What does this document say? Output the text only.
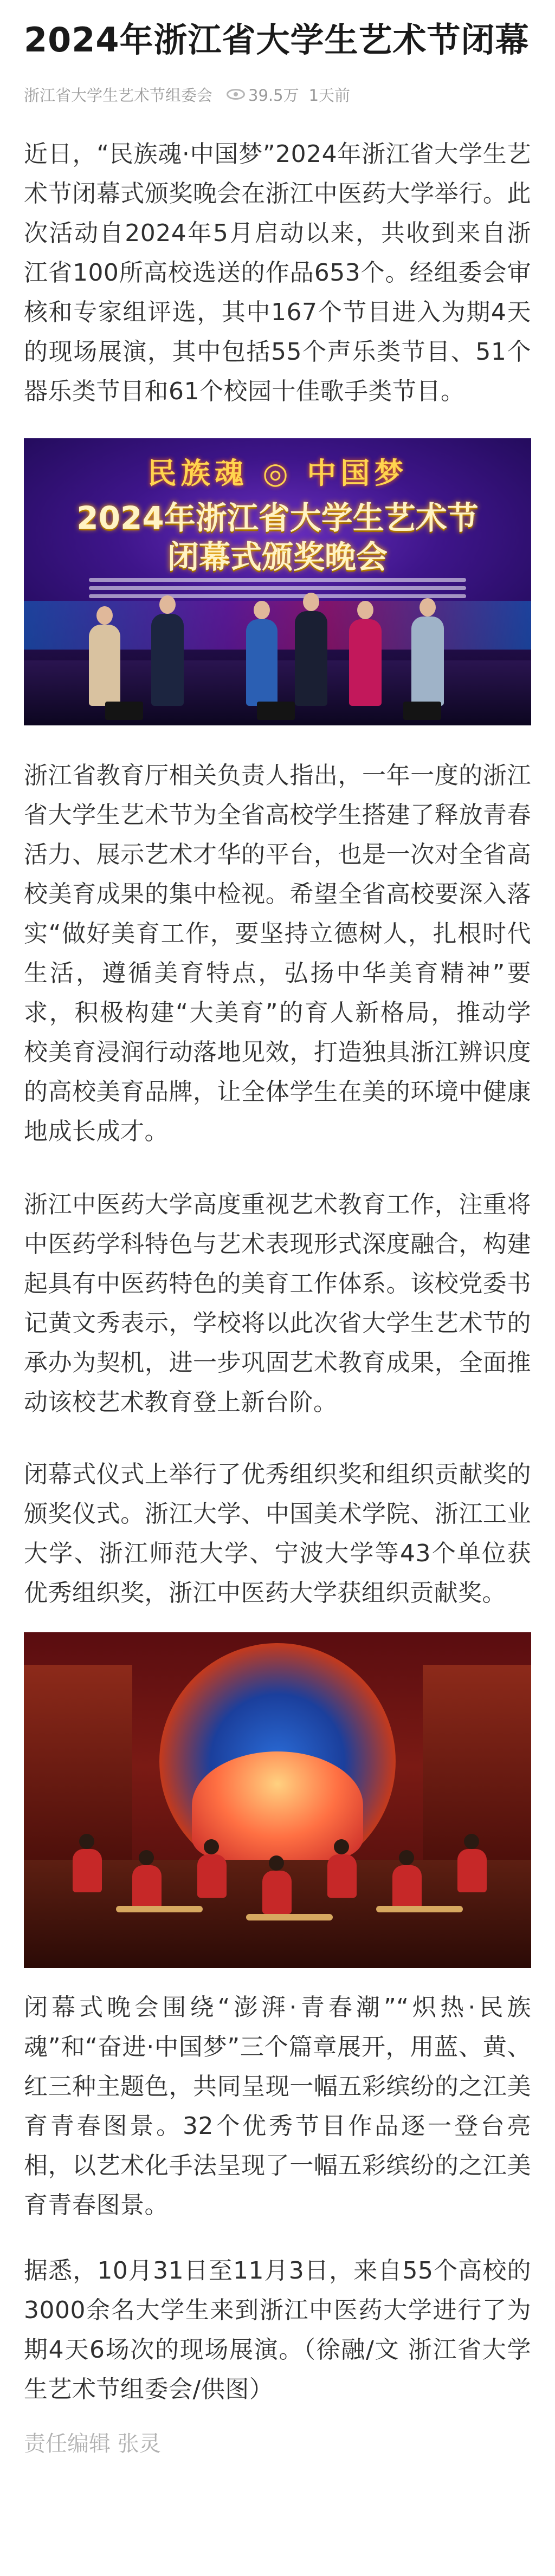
2024年浙江省大学生艺术节闭幕
浙江省大学生艺术节组委会 39.5万 1天前

近日，“民族魂·中国梦”2024年浙江省大学生艺术节闭幕式颁奖晚会在浙江中医药大学举行。此次活动自2024年5月启动以来，共收到来自浙江省100所高校选送的作品653个。经组委会审核和专家组评选，其中167个节目进入为期4天的现场展演，其中包括55个声乐类节目、51个器乐类节目和61个校园十佳歌手类节目。

民族魂 ◎ 中国梦
2024年浙江省大学生艺术节
闭幕式颁奖晚会

浙江省教育厅相关负责人指出，一年一度的浙江省大学生艺术节为全省高校学生搭建了释放青春活力、展示艺术才华的平台，也是一次对全省高校美育成果的集中检视。希望全省高校要深入落实“做好美育工作，要坚持立德树人，扎根时代生活，遵循美育特点，弘扬中华美育精神”要求，积极构建“大美育”的育人新格局，推动学校美育浸润行动落地见效，打造独具浙江辨识度的高校美育品牌，让全体学生在美的环境中健康地成长成才。

浙江中医药大学高度重视艺术教育工作，注重将中医药学科特色与艺术表现形式深度融合，构建起具有中医药特色的美育工作体系。该校党委书记黄文秀表示，学校将以此次省大学生艺术节的承办为契机，进一步巩固艺术教育成果，全面推动该校艺术教育登上新台阶。

闭幕式仪式上举行了优秀组织奖和组织贡献奖的颁奖仪式。浙江大学、中国美术学院、浙江工业大学、浙江师范大学、宁波大学等43个单位获优秀组织奖，浙江中医药大学获组织贡献奖。

闭幕式晚会围绕“澎湃·青春潮”“炽热·民族魂”和“奋进·中国梦”三个篇章展开，用蓝、黄、红三种主题色，共同呈现一幅五彩缤纷的之江美育青春图景。32个优秀节目作品逐一登台亮相，以艺术化手法呈现了一幅五彩缤纷的之江美育青春图景。

据悉，10月31日至11月3日，来自55个高校的3000余名大学生来到浙江中医药大学进行了为期4天6场次的现场展演。（徐融/文 浙江省大学生艺术节组委会/供图）

责任编辑 张灵
